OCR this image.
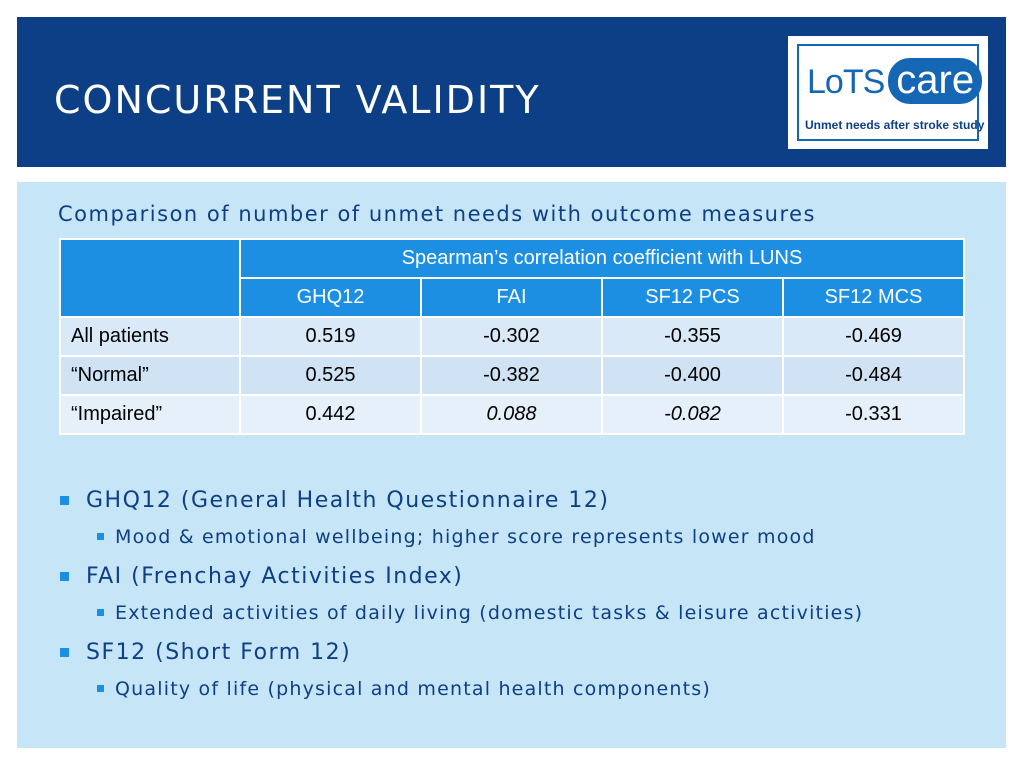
CONCURRENT VALIDITY	LoTS care
Unmet needs after stroke study
Comparison of number of unmet needs with outcome measures
	Spearman’s correlation coefficient with LUNS			
	GHQ12	FAI	SF12 PCS	SF12 MCS
All patients	0.519	-0.302	-0.355	-0.469
“Normal”	0.525	-0.382	-0.400	-0.484
“Impaired”	0.442	0.088	-0.082	-0.331
GHQ12 (General Health Questionnaire 12)
Mood & emotional wellbeing; higher score represents lower mood
FAI (Frenchay Activities Index)
Extended activities of daily living (domestic tasks & leisure activities)
SF12 (Short Form 12)
Quality of life (physical and mental health components)
